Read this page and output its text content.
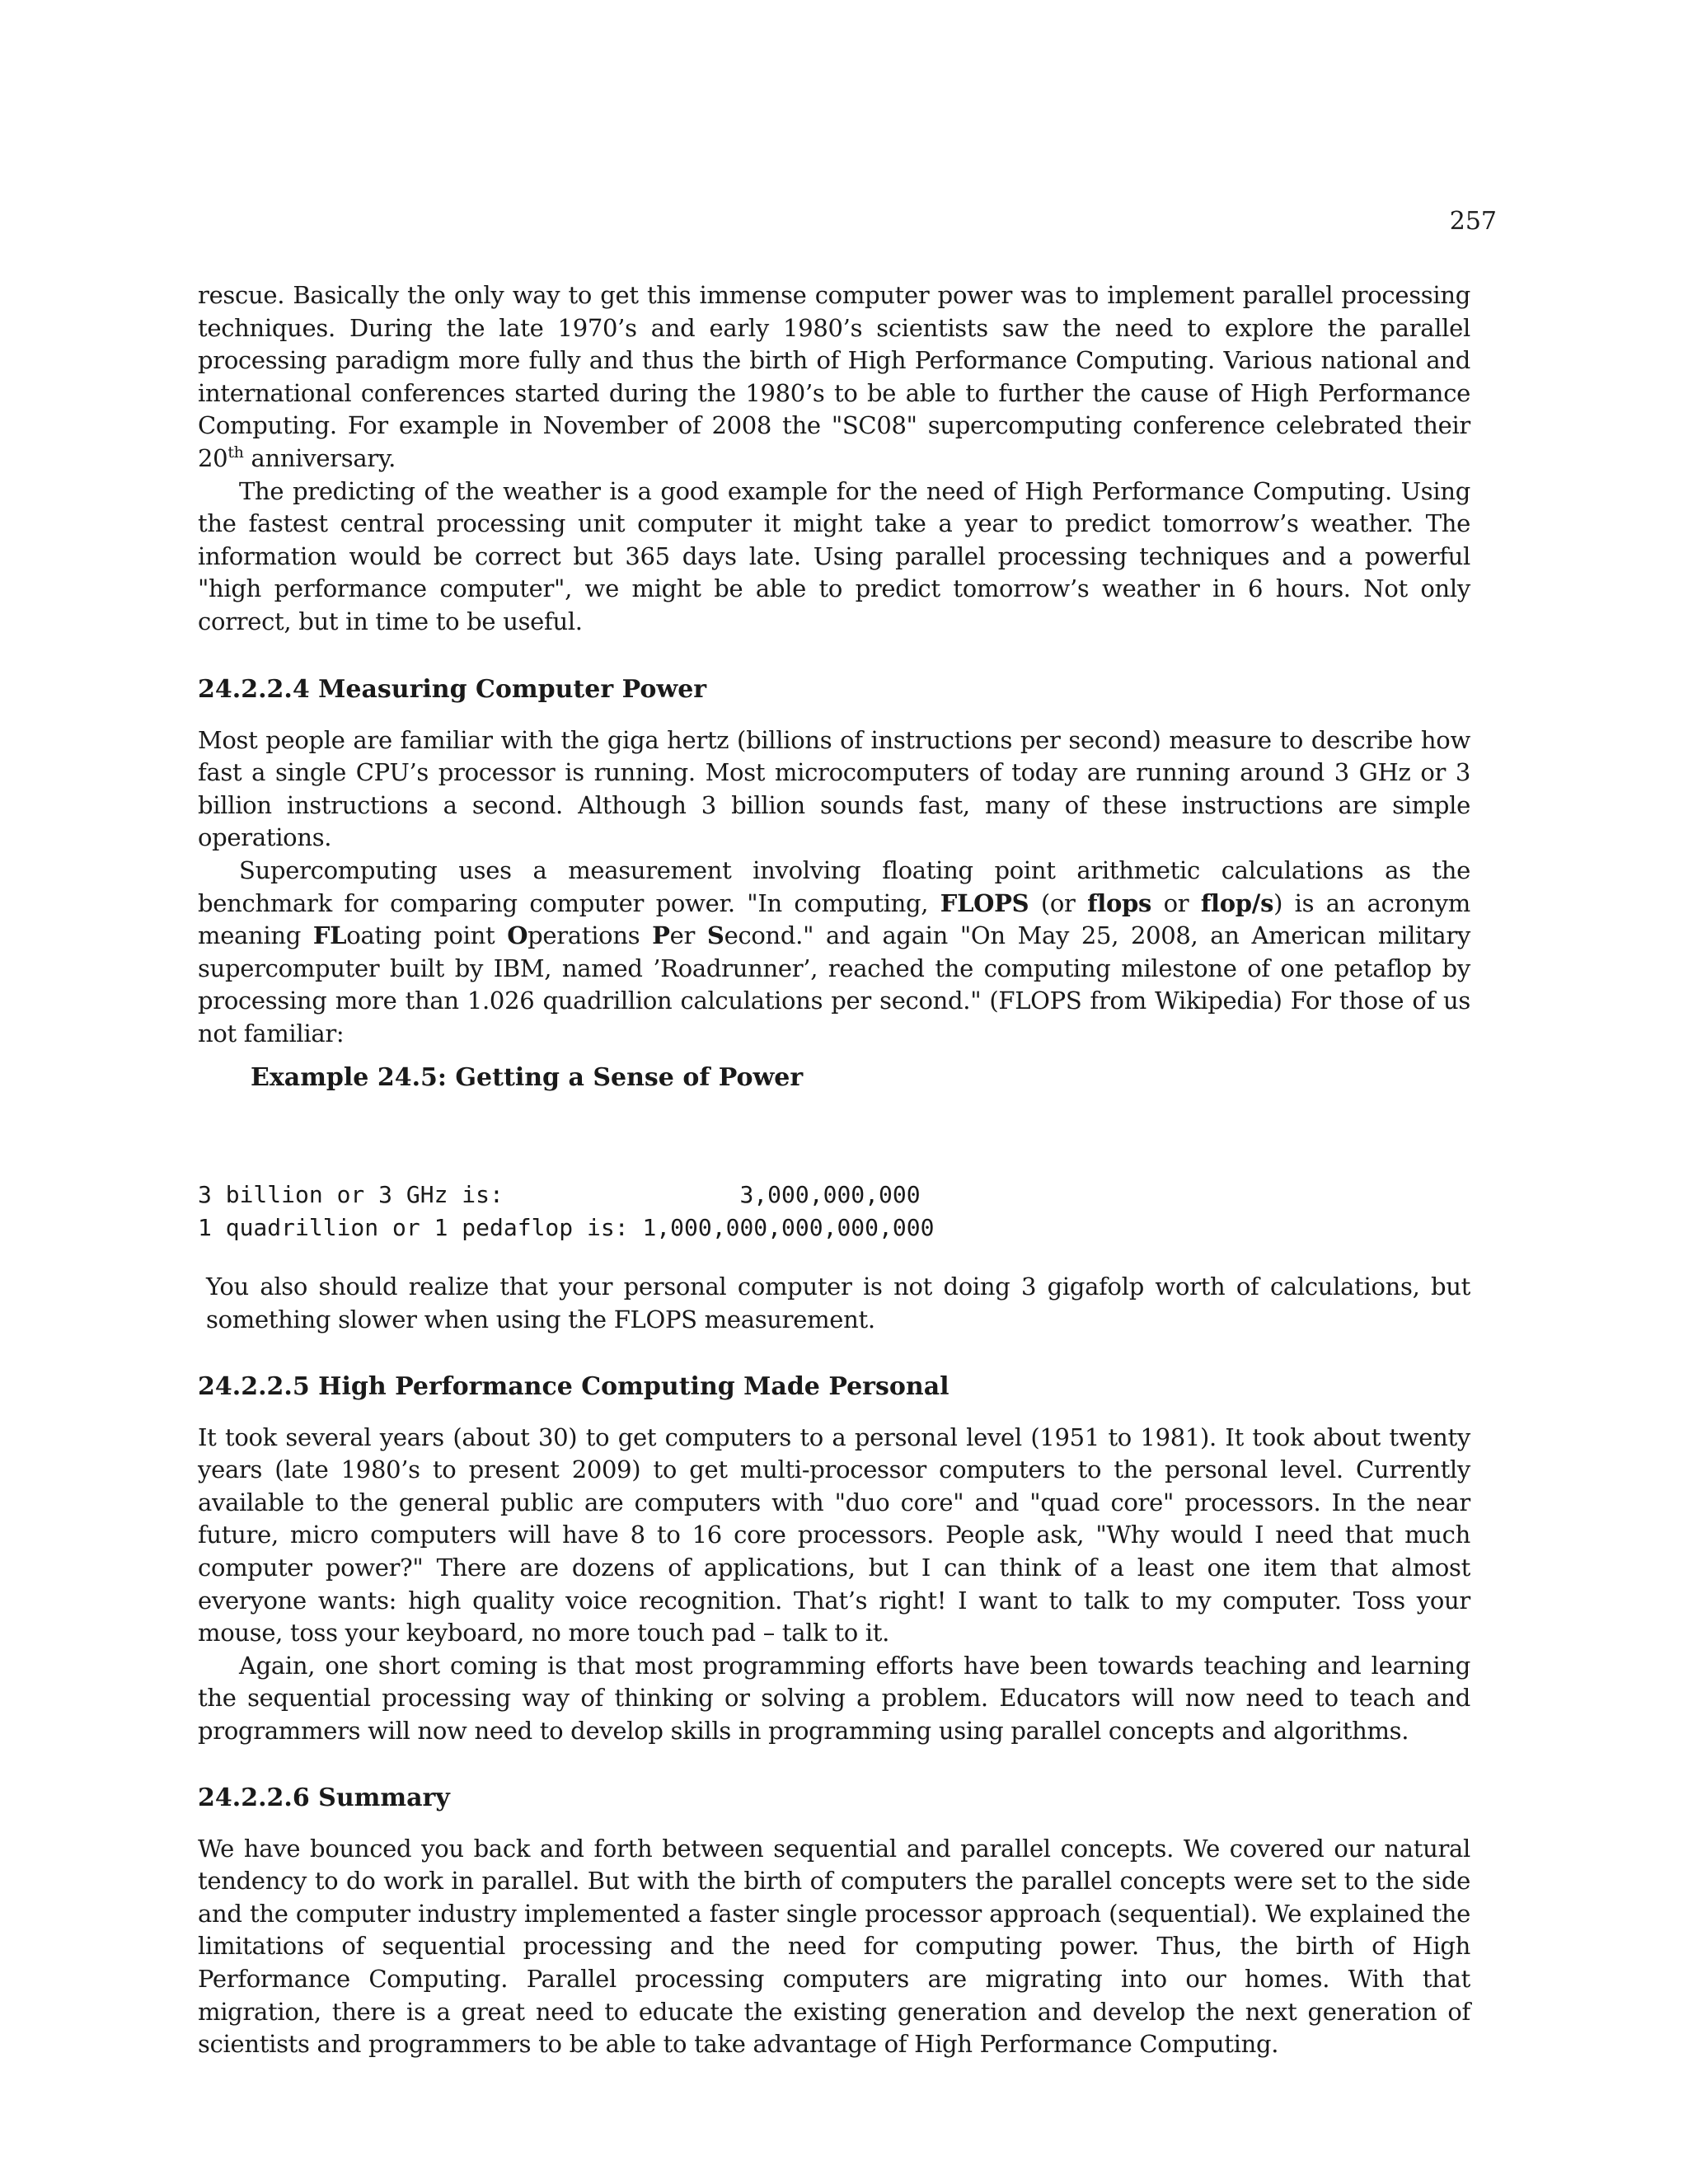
257

rescue. Basically the only way to get this immense computer power was to implement parallel processing techniques. During the late 1970’s and early 1980’s scientists saw the need to explore the parallel processing paradigm more fully and thus the birth of High Performance Computing. Various national and international conferences started during the 1980’s to be able to further the cause of High Performance Computing. For example in November of 2008 the "SC08" supercomputing conference celebrated their 20th anniversary.

The predicting of the weather is a good example for the need of High Performance Computing. Using the fastest central processing unit computer it might take a year to predict tomorrow’s weather. The information would be correct but 365 days late. Using parallel processing techniques and a powerful "high performance computer", we might be able to predict tomorrow’s weather in 6 hours. Not only correct, but in time to be useful.

24.2.2.4 Measuring Computer Power

Most people are familiar with the giga hertz (billions of instructions per second) measure to describe how fast a single CPU’s processor is running. Most microcomputers of today are running around 3 GHz or 3 billion instructions a second. Although 3 billion sounds fast, many of these instructions are simple operations.

Supercomputing uses a measurement involving floating point arithmetic calculations as the benchmark for comparing computer power. "In computing, FLOPS (or flops or flop/s) is an acronym meaning FLoating point Operations Per Second." and again "On May 25, 2008, an American military supercomputer built by IBM, named ’Roadrunner’, reached the computing milestone of one petaflop by processing more than 1.026 quadrillion calculations per second." (FLOPS from Wikipedia) For those of us not familiar:

Example 24.5: Getting a Sense of Power
3 billion or 3 GHz is:                 3,000,000,000
1 quadrillion or 1 pedaflop is: 1,000,000,000,000,000

You also should realize that your personal computer is not doing 3 gigafolp worth of calculations, but something slower when using the FLOPS measurement.

24.2.2.5 High Performance Computing Made Personal

It took several years (about 30) to get computers to a personal level (1951 to 1981). It took about twenty years (late 1980’s to present 2009) to get multi-processor computers to the personal level. Currently available to the general public are computers with "duo core" and "quad core" processors. In the near future, micro computers will have 8 to 16 core processors. People ask, "Why would I need that much computer power?" There are dozens of applications, but I can think of a least one item that almost everyone wants: high quality voice recognition. That’s right! I want to talk to my computer. Toss your mouse, toss your keyboard, no more touch pad – talk to it.

Again, one short coming is that most programming efforts have been towards teaching and learning the sequential processing way of thinking or solving a problem. Educators will now need to teach and programmers will now need to develop skills in programming using parallel concepts and algorithms.

24.2.2.6 Summary

We have bounced you back and forth between sequential and parallel concepts. We covered our natural tendency to do work in parallel. But with the birth of computers the parallel concepts were set to the side and the computer industry implemented a faster single processor approach (sequential). We explained the limitations of sequential processing and the need for computing power. Thus, the birth of High Performance Computing. Parallel processing computers are migrating into our homes. With that migration, there is a great need to educate the existing generation and develop the next generation of scientists and programmers to be able to take advantage of High Performance Computing.
